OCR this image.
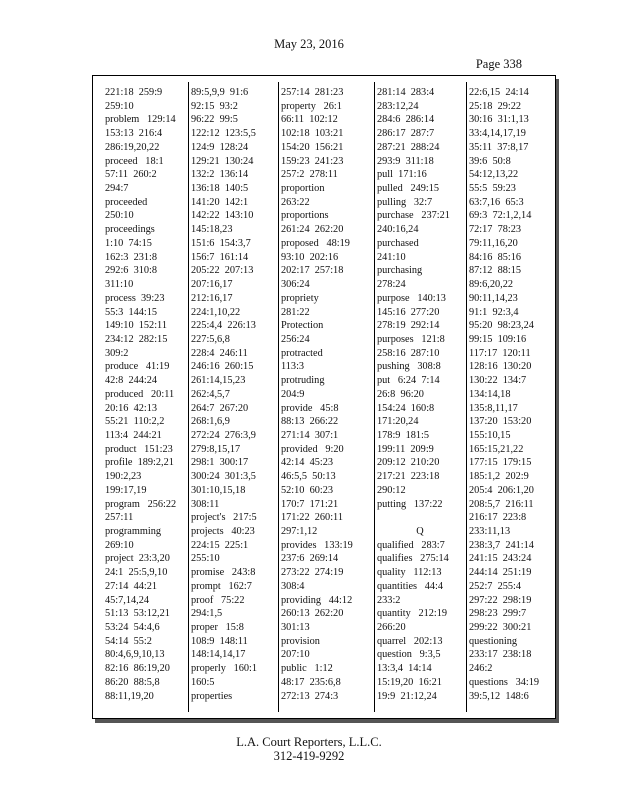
May 23, 2016
Page 338
221:18  259:9
259:10
problem   129:14
153:13  216:4
286:19,20,22
proceed   18:1
57:11  260:2
294:7
proceeded
250:10
proceedings
1:10  74:15
162:3  231:8
292:6  310:8
311:10
process  39:23
55:3  144:15
149:10  152:11
234:12  282:15
309:2
produce   41:19
42:8  244:24
produced   20:11
20:16  42:13
55:21  110:2,2
113:4  244:21
product   151:23
profile  189:2,21
190:2,23
199:17,19
program   256:22
257:11
programming
269:10
project  23:3,20
24:1  25:5,9,10
27:14  44:21
45:7,14,24
51:13  53:12,21
53:24  54:4,6
54:14  55:2
80:4,6,9,10,13
82:16  86:19,20
86:20  88:5,8
88:11,19,20
89:5,9,9  91:6
92:15  93:2
96:22  99:5
122:12  123:5,5
124:9  128:24
129:21  130:24
132:2  136:14
136:18  140:5
141:20  142:1
142:22  143:10
145:18,23
151:6  154:3,7
156:7  161:14
205:22  207:13
207:16,17
212:16,17
224:1,10,22
225:4,4  226:13
227:5,6,8
228:4  246:11
246:16  260:15
261:14,15,23
262:4,5,7
264:7  267:20
268:1,6,9
272:24  276:3,9
279:8,15,17
298:1  300:17
300:24  301:3,5
301:10,15,18
308:11
project's   217:5
projects   40:23
224:15  225:1
255:10
promise   243:8
prompt   162:7
proof   75:22
294:1,5
proper   15:8
108:9  148:11
148:14,14,17
properly   160:1
160:5
properties
257:14  281:23
property   26:1
66:11  102:12
102:18  103:21
154:20  156:21
159:23  241:23
257:2  278:11
proportion
263:22
proportions
261:24  262:20
proposed   48:19
93:10  202:16
202:17  257:18
306:24
propriety
281:22
Protection
256:24
protracted
113:3
protruding
204:9
provide   45:8
88:13  266:22
271:14  307:1
provided   9:20
42:14  45:23
46:5,5  50:13
52:10  60:23
170:7  171:21
171:22  260:11
297:1,12
provides   133:19
237:6  269:14
273:22  274:19
308:4
providing   44:12
260:13  262:20
301:13
provision
207:10
public   1:12
48:17  235:6,8
272:13  274:3
281:14  283:4
283:12,24
284:6  286:14
286:17  287:7
287:21  288:24
293:9  311:18
pull  171:16
pulled   249:15
pulling   32:7
purchase   237:21
240:16,24
purchased
241:10
purchasing
278:24
purpose   140:13
145:16  277:20
278:19  292:14
purposes   121:8
258:16  287:10
pushing   308:8
put   6:24  7:14
26:8  96:20
154:24  160:8
171:20,24
178:9  181:5
199:11  209:9
209:12  210:20
217:21  223:18
290:12
putting   137:22
Q
qualified   283:7
qualifies   275:14
quality   112:13
quantities   44:4
233:2
quantity   212:19
266:20
quarrel   202:13
question   9:3,5
13:3,4  14:14
15:19,20  16:21
19:9  21:12,24
22:6,15  24:14
25:18  29:22
30:16  31:1,13
33:4,14,17,19
35:11  37:8,17
39:6  50:8
54:12,13,22
55:5  59:23
63:7,16  65:3
69:3  72:1,2,14
72:17  78:23
79:11,16,20
84:16  85:16
87:12  88:15
89:6,20,22
90:11,14,23
91:1  92:3,4
95:20  98:23,24
99:15  109:16
117:17  120:11
128:16  130:20
130:22  134:7
134:14,18
135:8,11,17
137:20  153:20
155:10,15
165:15,21,22
177:15  179:15
185:1,2  202:9
205:4  206:1,20
208:5,7  216:11
216:17  223:8
233:11,13
238:3,7  241:14
241:15  243:24
244:14  251:19
252:7  255:4
297:22  298:19
298:23  299:7
299:22  300:21
questioning
233:17  238:18
246:2
questions   34:19
39:5,12  148:6
L.A. Court Reporters, L.L.C.
312-419-9292
